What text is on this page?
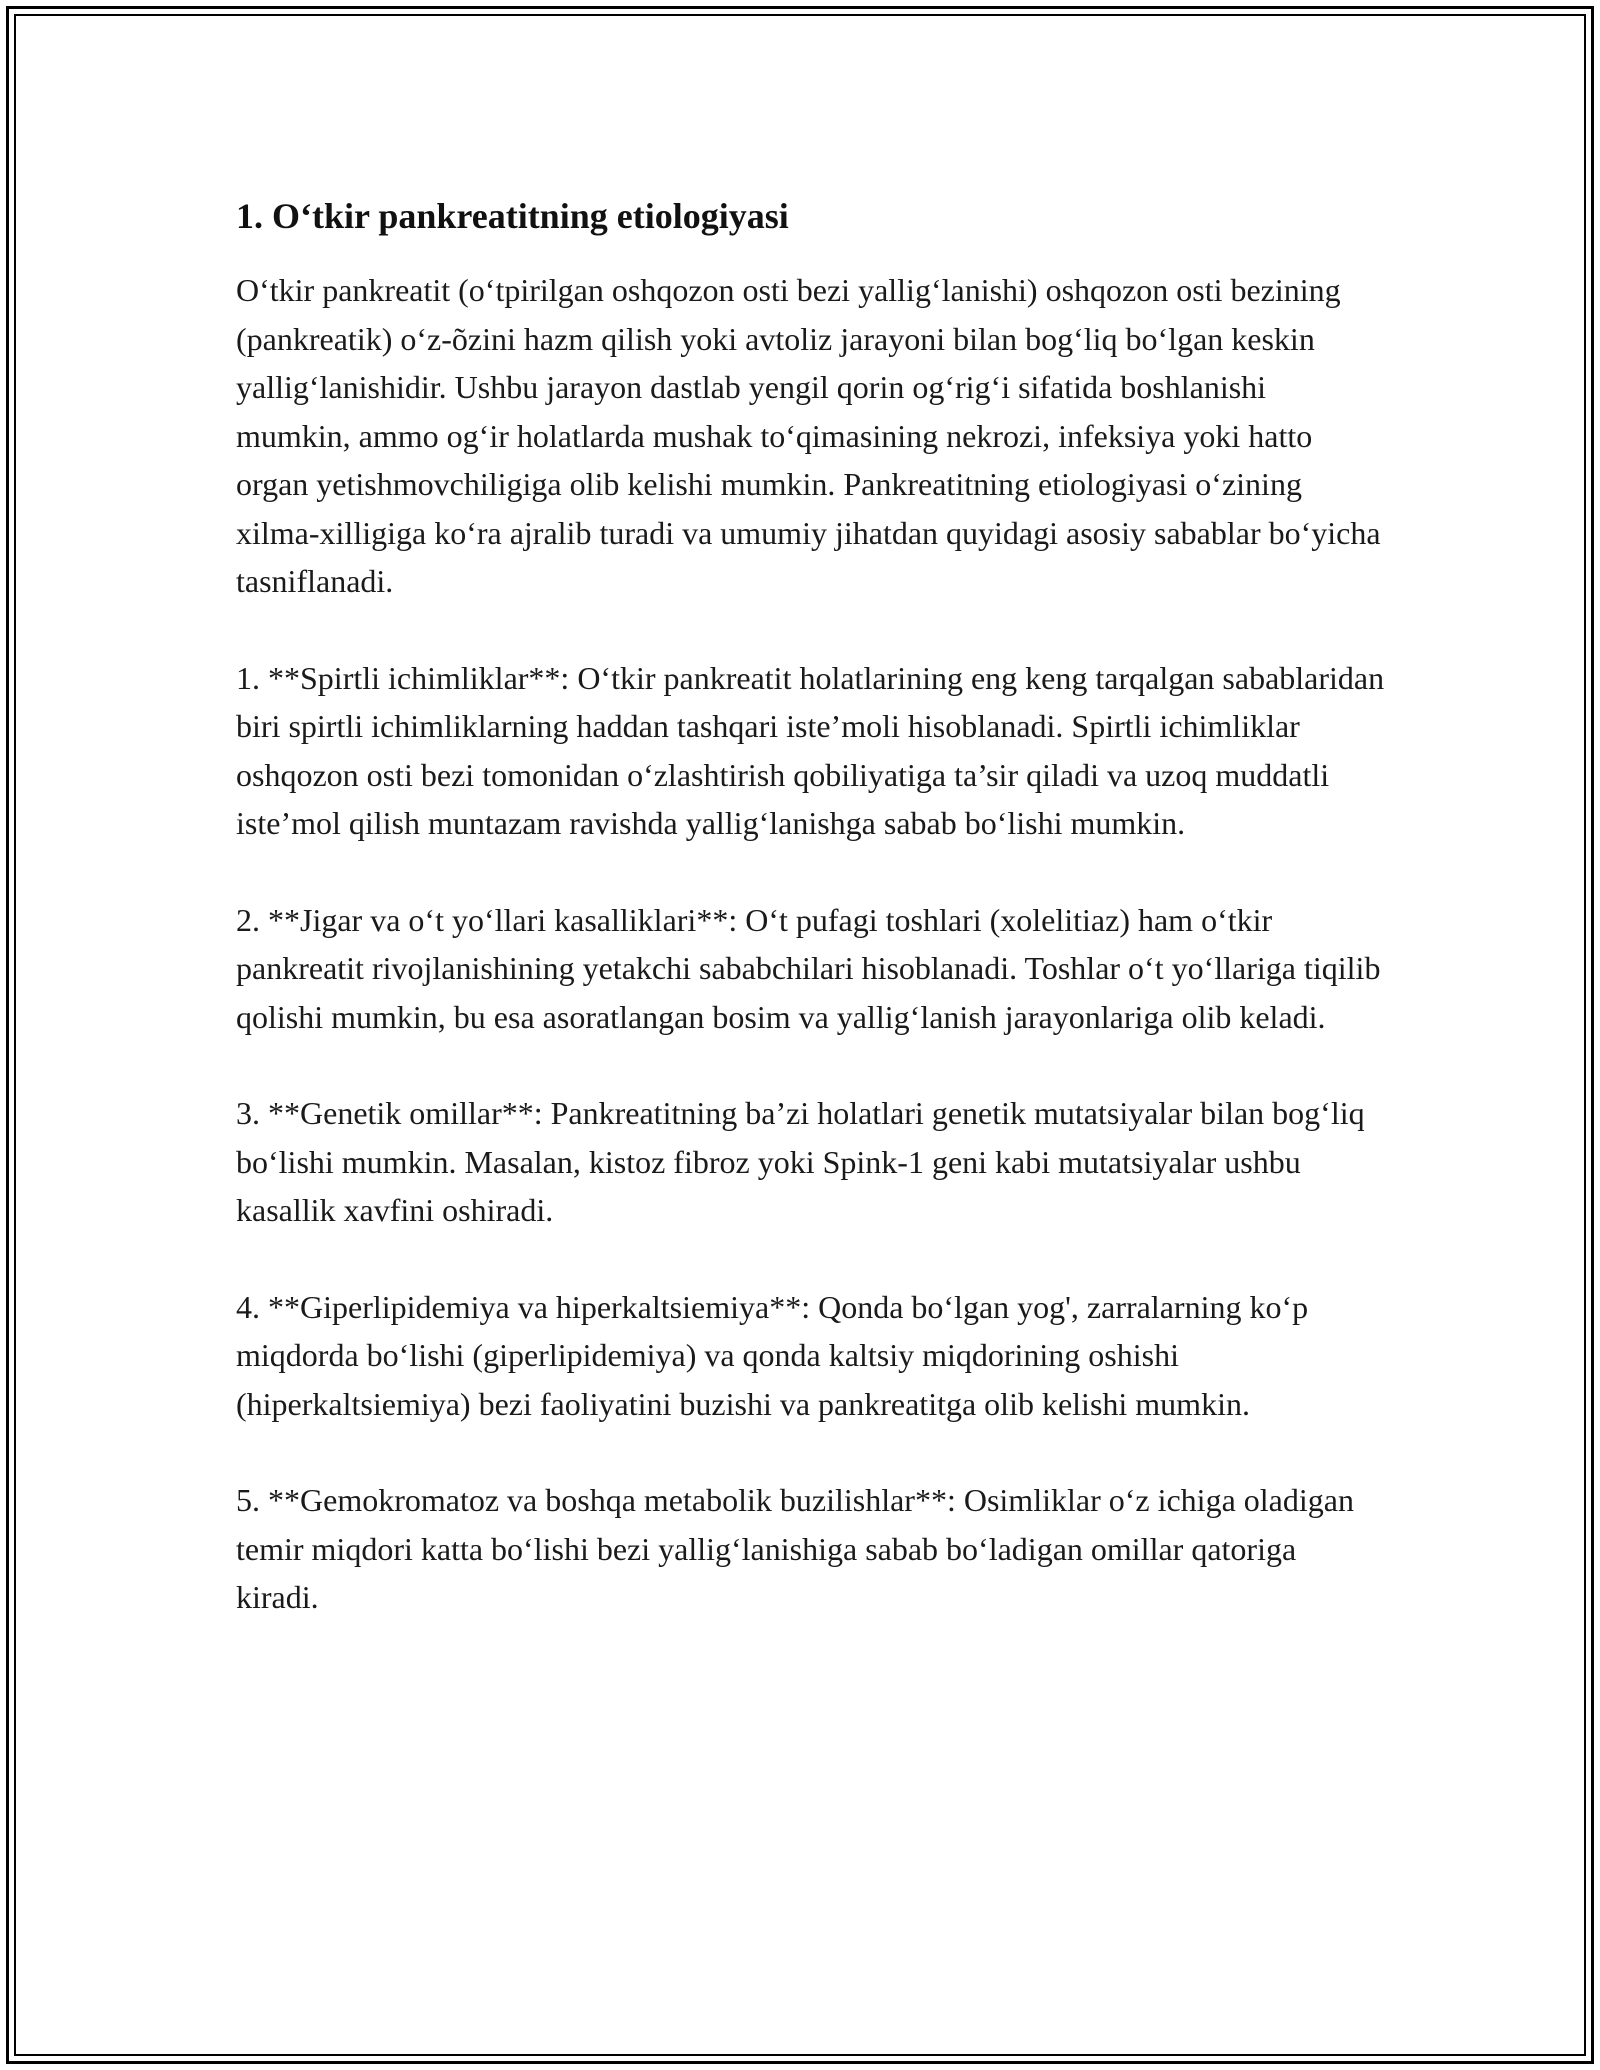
1. O‘tkir pankreatitning etiologiyasi

O‘tkir pankreatit (o‘tpirilgan oshqozon osti bezi yallig‘lanishi) oshqozon osti bezining (pankreatik) o‘z-õzini hazm qilish yoki avtoliz jarayoni bilan bog‘liq bo‘lgan keskin yallig‘lanishidir. Ushbu jarayon dastlab yengil qorin og‘rig‘i sifatida boshlanishi mumkin, ammo og‘ir holatlarda mushak to‘qimasining nekrozi, infeksiya yoki hatto organ yetishmovchiligiga olib kelishi mumkin. Pankreatitning etiologiyasi o‘zining xilma-xilligiga ko‘ra ajralib turadi va umumiy jihatdan quyidagi asosiy sabablar bo‘yicha tasniflanadi.

1. **Spirtli ichimliklar**: O‘tkir pankreatit holatlarining eng keng tarqalgan sabablaridan biri spirtli ichimliklarning haddan tashqari iste’moli hisoblanadi. Spirtli ichimliklar oshqozon osti bezi tomonidan o‘zlashtirish qobiliyatiga ta’sir qiladi va uzoq muddatli iste’mol qilish muntazam ravishda yallig‘lanishga sabab bo‘lishi mumkin.

2. **Jigar va o‘t yo‘llari kasalliklari**: O‘t pufagi toshlari (xolelitiaz) ham o‘tkir pankreatit rivojlanishining yetakchi sababchilari hisoblanadi. Toshlar o‘t yo‘llariga tiqilib qolishi mumkin, bu esa asoratlangan bosim va yallig‘lanish jarayonlariga olib keladi.

3. **Genetik omillar**: Pankreatitning ba’zi holatlari genetik mutatsiyalar bilan bog‘liq bo‘lishi mumkin. Masalan, kistoz fibroz yoki Spink-1 geni kabi mutatsiyalar ushbu kasallik xavfini oshiradi.

4. **Giperlipidemiya va hiperkaltsiemiya**: Qonda bo‘lgan yog', zarralarning ko‘p miqdorda bo‘lishi (giperlipidemiya) va qonda kaltsiy miqdorining oshishi (hiperkaltsiemiya) bezi faoliyatini buzishi va pankreatitga olib kelishi mumkin.

5. **Gemokromatoz va boshqa metabolik buzilishlar**: Osimliklar o‘z ichiga oladigan temir miqdori katta bo‘lishi bezi yallig‘lanishiga sabab bo‘ladigan omillar qatoriga kiradi.
